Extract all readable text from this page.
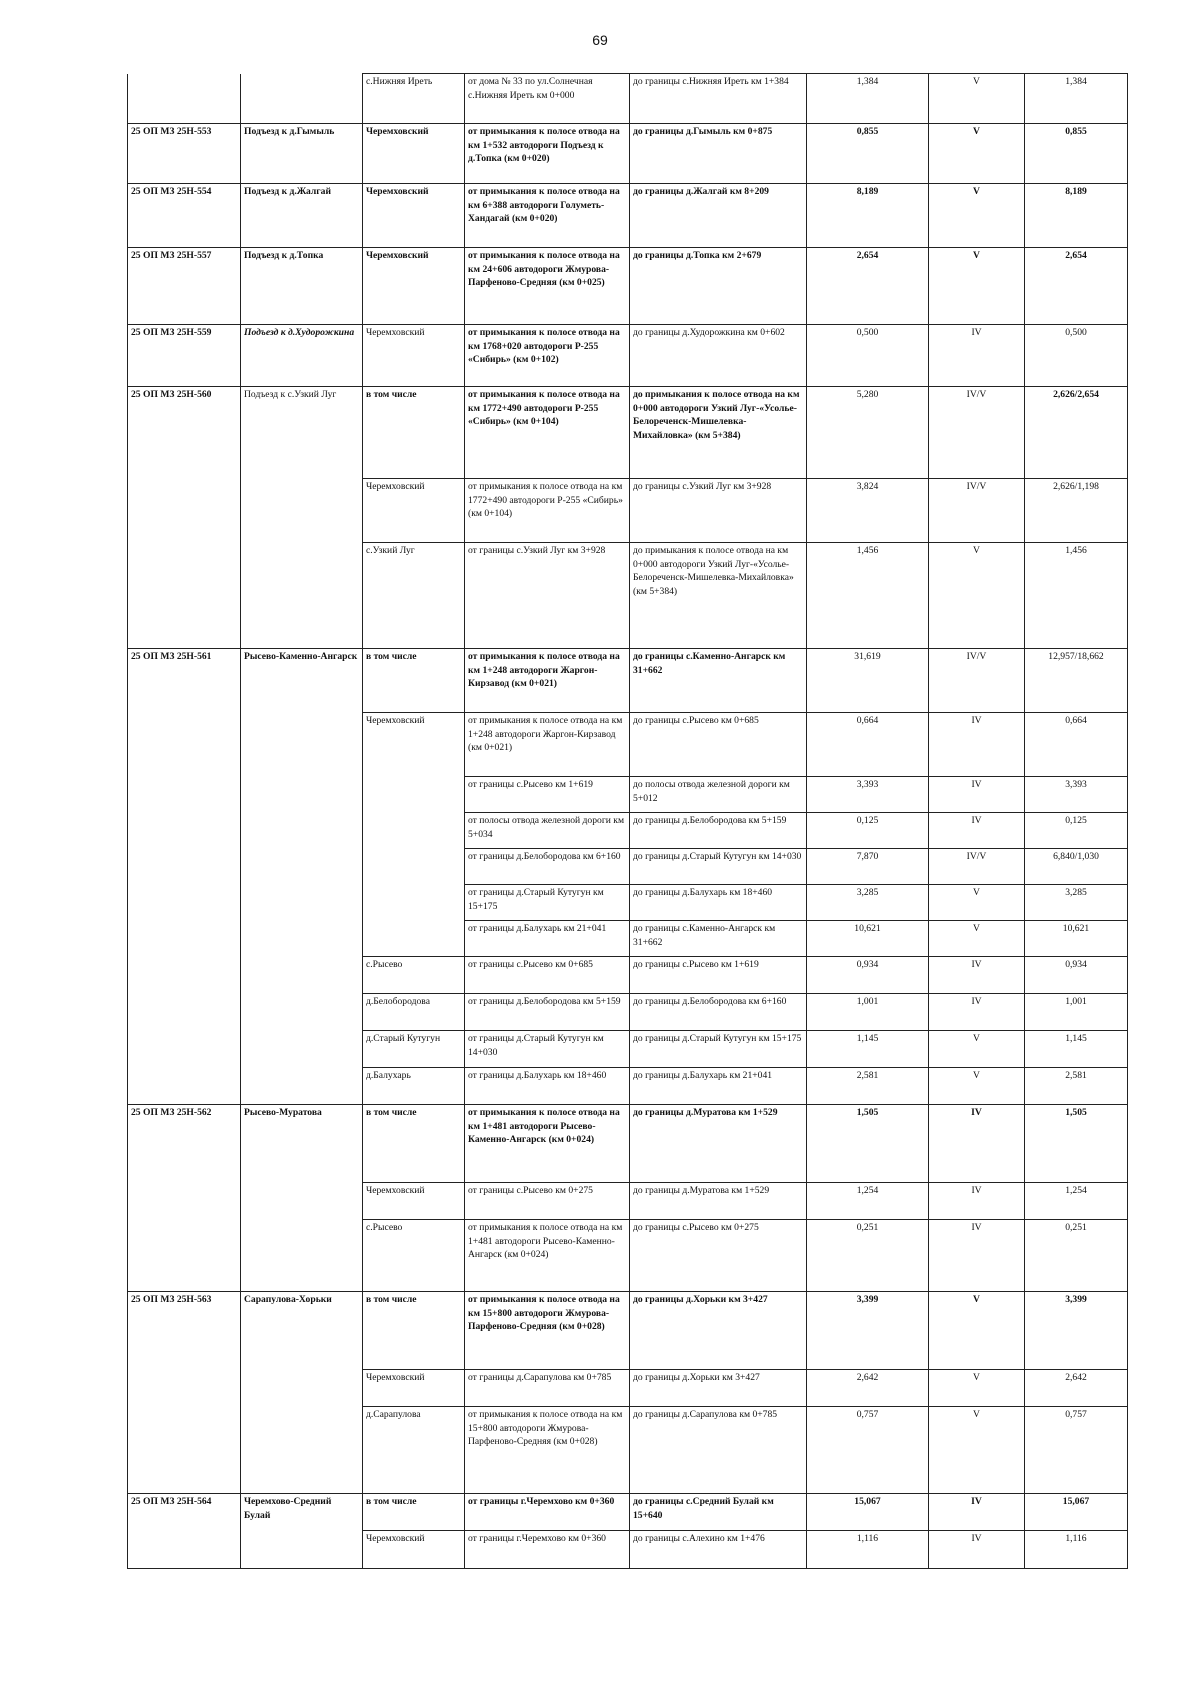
69
		с.Нижняя Иреть	от дома № 33 по ул.Солнечная с.Нижняя Иреть км 0+000	до границы с.Нижняя Иреть км 1+384	1,384	V	1,384
25 ОП МЗ 25Н-553	Подъезд к д.Гымыль	Черемховский	от примыкания к полосе отвода на км 1+532 автодороги Подъезд к д.Топка (км 0+020)	до границы д.Гымыль км 0+875	0,855	V	0,855
25 ОП МЗ 25Н-554	Подъезд к д.Жалгай	Черемховский	от примыкания к полосе отвода на км 6+388 автодороги Голуметь-Хандагай (км 0+020)	до границы д.Жалгай км 8+209	8,189	V	8,189
25 ОП МЗ 25Н-557	Подъезд к д.Топка	Черемховский	от примыкания к полосе отвода на км 24+606 автодороги Жмурова-Парфеново-Средняя (км 0+025)	до границы д.Топка км 2+679	2,654	V	2,654
25 ОП МЗ 25Н-559	Подъезд к д.Худорожкина	Черемховский	от примыкания к полосе отвода на км 1768+020 автодороги Р-255 «Сибирь» (км 0+102)	до границы д.Худорожкина км 0+602	0,500	IV	0,500
25 ОП МЗ 25Н-560	Подъезд к с.Узкий Луг	в том числе	от примыкания к полосе отвода на км 1772+490 автодороги Р-255 «Сибирь» (км 0+104)	до примыкания к полосе отвода на км 0+000 автодороги Узкий Луг-«Усолье-Белореченск-Мишелевка-Михайловка» (км 5+384)	5,280	IV/V	2,626/2,654
		Черемховский	от примыкания к полосе отвода на км 1772+490 автодороги Р-255 «Сибирь» (км 0+104)	до границы с.Узкий Луг км 3+928	3,824	IV/V	2,626/1,198
		с.Узкий Луг	от границы с.Узкий Луг км 3+928	до примыкания к полосе отвода на км 0+000 автодороги Узкий Луг-«Усолье-Белореченск-Мишелевка-Михайловка» (км 5+384)	1,456	V	1,456
25 ОП МЗ 25Н-561	Рысево-Каменно-Ангарск	в том числе	от примыкания к полосе отвода на км 1+248 автодороги Жаргон-Кирзавод (км 0+021)	до границы с.Каменно-Ангарск км 31+662	31,619	IV/V	12,957/18,662
		Черемховский	от примыкания к полосе отвода на км 1+248 автодороги Жаргон-Кирзавод (км 0+021)	до границы с.Рысево км 0+685	0,664	IV	0,664
			от границы с.Рысево км 1+619	до полосы отвода железной дороги км 5+012	3,393	IV	3,393
			от полосы отвода железной дороги км 5+034	до границы д.Белобородова км 5+159	0,125	IV	0,125
			от границы д.Белобородова км 6+160	до границы д.Старый Кутугун км 14+030	7,870	IV/V	6,840/1,030
			от границы д.Старый Кутугун км 15+175	до границы д.Балухарь км 18+460	3,285	V	3,285
			от границы д.Балухарь км 21+041	до границы с.Каменно-Ангарск км 31+662	10,621	V	10,621
		с.Рысево	от границы с.Рысево км 0+685	до границы с.Рысево км 1+619	0,934	IV	0,934
		д.Белобородова	от границы д.Белобородова км 5+159	до границы д.Белобородова км 6+160	1,001	IV	1,001
		д.Старый Кутугун	от границы д.Старый Кутугун км 14+030	до границы д.Старый Кутугун км 15+175	1,145	V	1,145
		д.Балухарь	от границы д.Балухарь км 18+460	до границы д.Балухарь км 21+041	2,581	V	2,581
25 ОП МЗ 25Н-562	Рысево-Муратова	в том числе	от примыкания к полосе отвода на км 1+481 автодороги Рысево-Каменно-Ангарск (км 0+024)	до границы д.Муратова км 1+529	1,505	IV	1,505
		Черемховский	от границы с.Рысево км 0+275	до границы д.Муратова км 1+529	1,254	IV	1,254
		с.Рысево	от примыкания к полосе отвода на км 1+481 автодороги Рысево-Каменно-Ангарск (км 0+024)	до границы с.Рысево км 0+275	0,251	IV	0,251
25 ОП МЗ 25Н-563	Сарапулова-Хорьки	в том числе	от примыкания к полосе отвода на км 15+800 автодороги Жмурова-Парфеново-Средняя (км 0+028)	до границы д.Хорьки км 3+427	3,399	V	3,399
		Черемховский	от границы д.Сарапулова км 0+785	до границы д.Хорьки км 3+427	2,642	V	2,642
		д.Сарапулова	от примыкания к полосе отвода на км 15+800 автодороги Жмурова-Парфеново-Средняя (км 0+028)	до границы д.Сарапулова км 0+785	0,757	V	0,757
25 ОП МЗ 25Н-564	Черемхово-Средний Булай	в том числе	от границы г.Черемхово км 0+360	до границы с.Средний Булай км 15+640	15,067	IV	15,067
		Черемховский	от границы г.Черемхово км 0+360	до границы с.Алехино км 1+476	1,116	IV	1,116
